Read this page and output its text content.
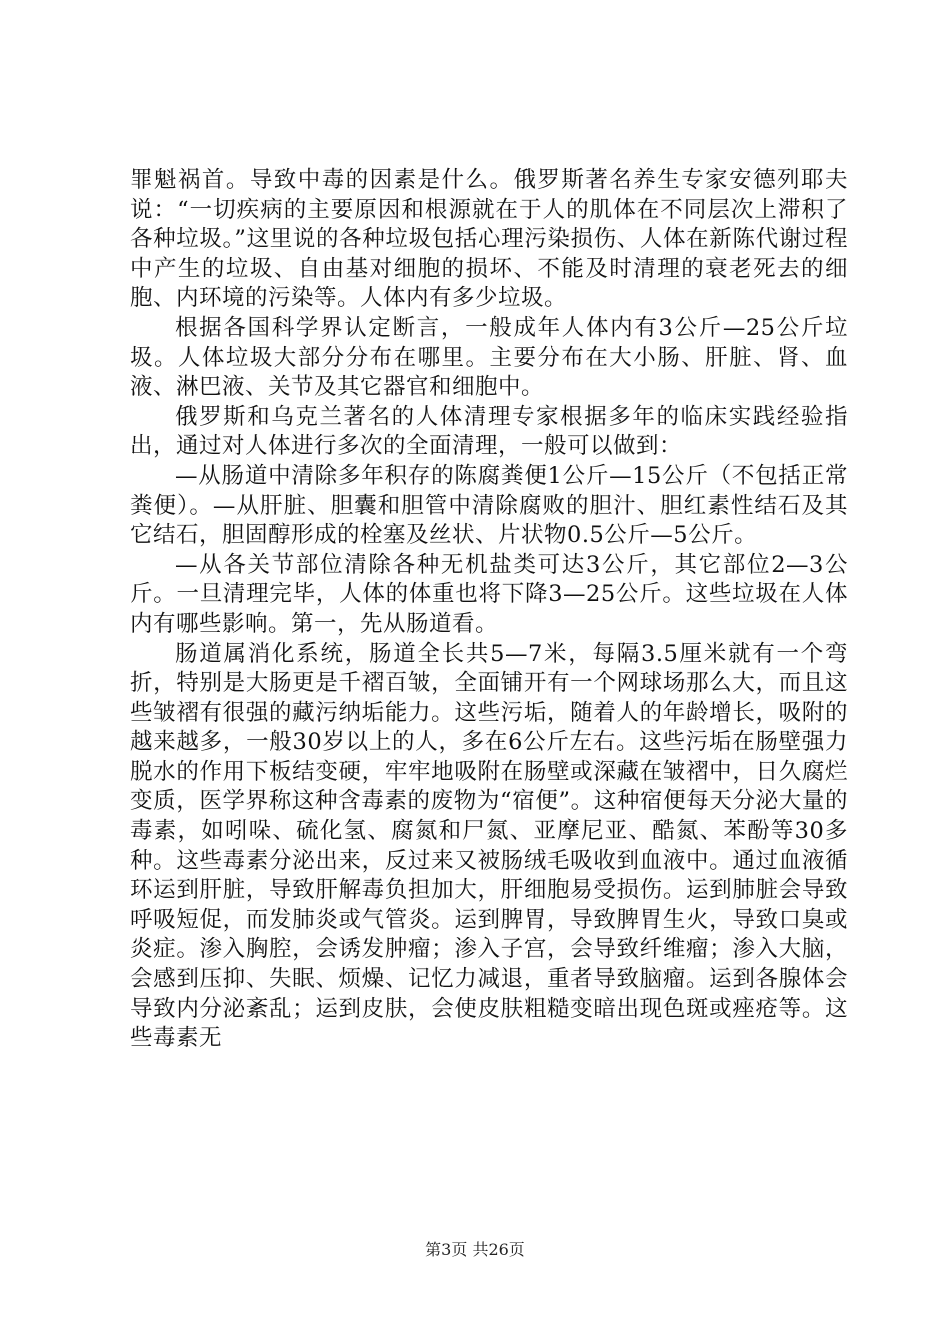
罪魁祸首。导致中毒的因素是什么。俄罗斯著名养生专家安德列耶夫说：“一切疾病的主要原因和根源就在于人的肌体在不同层次上滞积了各种垃圾。”这里说的各种垃圾包括心理污染损伤、人体在新陈代谢过程中产生的垃圾、自由基对细胞的损坏、不能及时清理的衰老死去的细胞、内环境的污染等。人体内有多少垃圾。

根据各国科学界认定断言，一般成年人体内有3公斤—25公斤垃圾。人体垃圾大部分分布在哪里。主要分布在大小肠、肝脏、肾、血液、淋巴液、关节及其它器官和细胞中。

俄罗斯和乌克兰著名的人体清理专家根据多年的临床实践经验指出，通过对人体进行多次的全面清理，一般可以做到：

—从肠道中清除多年积存的陈腐粪便1公斤—15公斤（不包括正常粪便）。—从肝脏、胆囊和胆管中清除腐败的胆汁、胆红素性结石及其它结石，胆固醇形成的栓塞及丝状、片状物0.5公斤—5公斤。

—从各关节部位清除各种无机盐类可达3公斤，其它部位2—3公斤。一旦清理完毕，人体的体重也将下降3—25公斤。这些垃圾在人体内有哪些影响。第一，先从肠道看。

肠道属消化系统，肠道全长共5—7米，每隔3.5厘米就有一个弯折，特别是大肠更是千褶百皱，全面铺开有一个网球场那么大，而且这些皱褶有很强的藏污纳垢能力。这些污垢，随着人的年龄增长，吸附的越来越多，一般30岁以上的人，多在6公斤左右。这些污垢在肠壁强力脱水的作用下板结变硬，牢牢地吸附在肠壁或深藏在皱褶中，日久腐烂变质，医学界称这种含毒素的废物为“宿便”。这种宿便每天分泌大量的毒素，如吲哚、硫化氢、腐氮和尸氮、亚摩尼亚、酷氮、苯酚等30多种。这些毒素分泌出来，反过来又被肠绒毛吸收到血液中。通过血液循环运到肝脏，导致肝解毒负担加大，肝细胞易受损伤。运到肺脏会导致呼吸短促，而发肺炎或气管炎。运到脾胃，导致脾胃生火，导致口臭或炎症。渗入胸腔，会诱发肿瘤；渗入子宫，会导致纤维瘤；渗入大脑，会感到压抑、失眠、烦燥、记忆力减退，重者导致脑瘤。运到各腺体会导致内分泌紊乱；运到皮肤，会使皮肤粗糙变暗出现色斑或痤疮等。这些毒素无

第3页 共26页
